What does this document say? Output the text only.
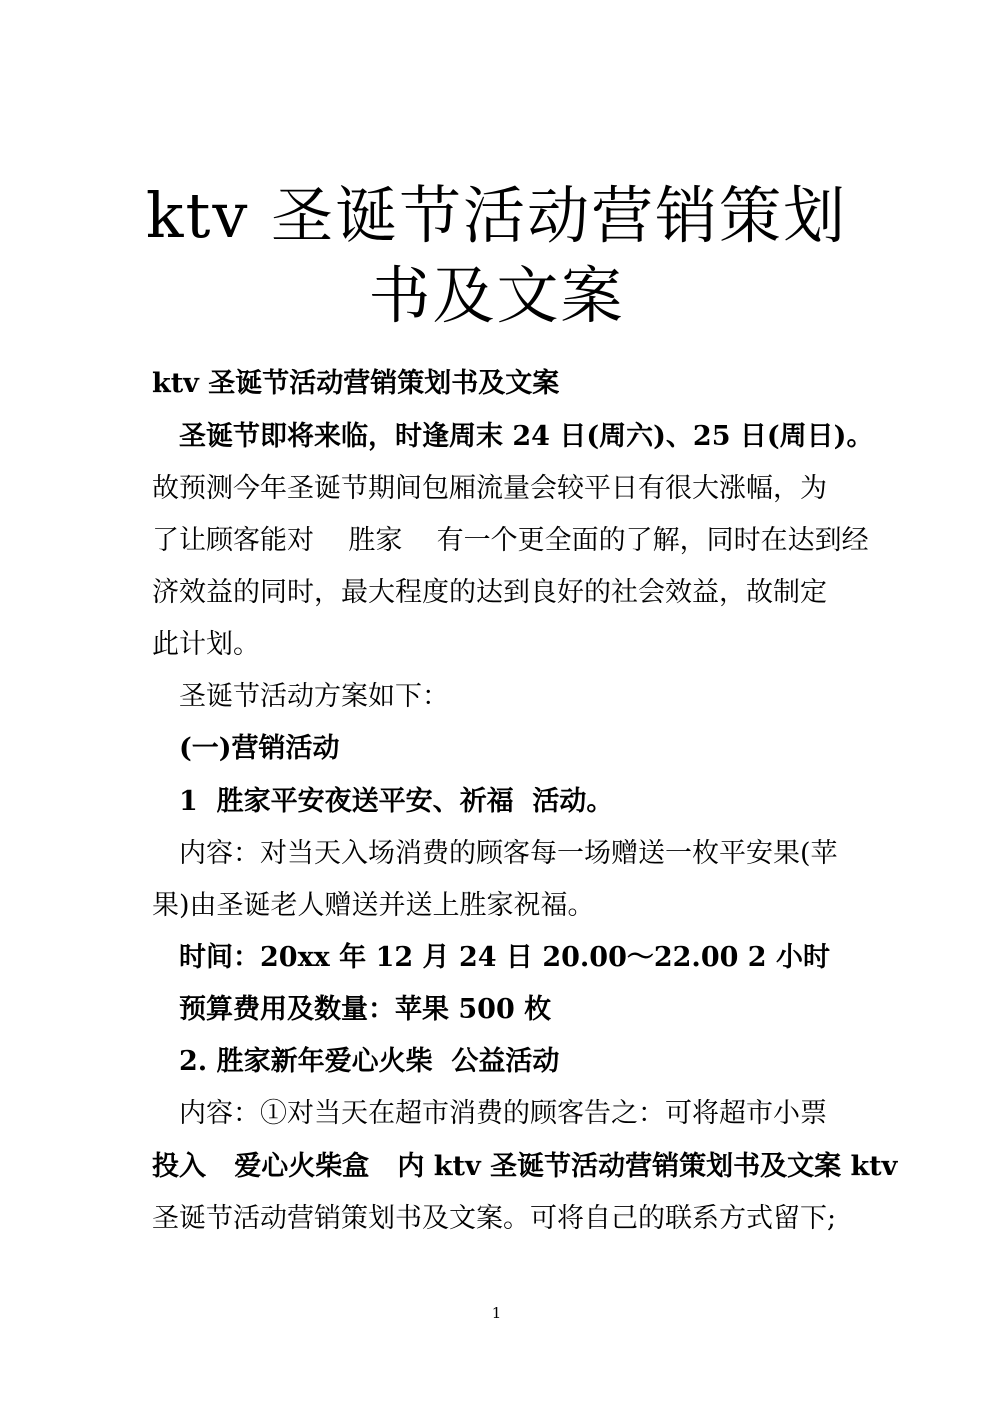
ktv 圣诞节活动营销策划
书及文案
ktv 圣诞节活动营销策划书及文案
圣诞节即将来临，时逢周末 24 日(周六)、25 日(周日)。
故预测今年圣诞节期间包厢流量会较平日有很大涨幅，为
了让顾客能对    胜家    有一个更全面的了解，同时在达到经
济效益的同时，最大程度的达到良好的社会效益，故制定
此计划。
圣诞节活动方案如下：
(一)营销活动
1  胜家平安夜送平安、祈福  活动。
内容：对当天入场消费的顾客每一场赠送一枚平安果(苹
果)由圣诞老人赠送并送上胜家祝福。
时间：20xx 年 12 月 24 日 20.00～22.00 2 小时
预算费用及数量：苹果 500 枚
2. 胜家新年爱心火柴  公益活动
内容：①对当天在超市消费的顾客告之：可将超市小票
投入   爱心火柴盒   内 ktv 圣诞节活动营销策划书及文案 ktv
圣诞节活动营销策划书及文案。可将自己的联系方式留下;
1
